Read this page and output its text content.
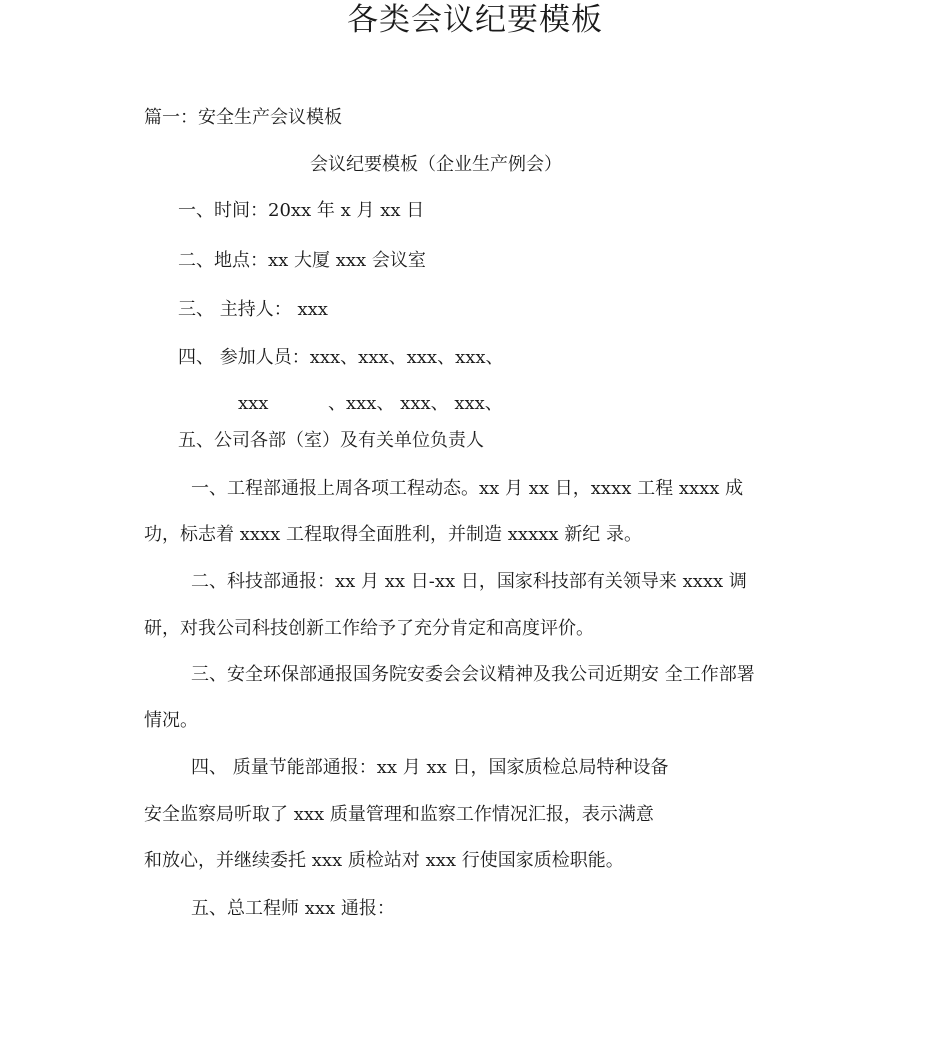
各类会议纪要模板
篇一：安全生产会议模板
会议纪要模板（企业生产例会）
一、时间：20xx 年 x 月 xx 日
二、地点：xx 大厦 xxx 会议室
三、 主持人： xxx
四、 参加人员：xxx、xxx、xxx、xxx、
xxx	、xxx、 xxx、 xxx、
五、公司各部（室）及有关单位负责人
一、工程部通报上周各项工程动态。xx 月 xx 日，xxxx 工程 xxxx 成
功，标志着 xxxx 工程取得全面胜利，并制造 xxxxx 新纪 录。
二、科技部通报：xx 月 xx 日-xx 日，国家科技部有关领导来 xxxx 调
研，对我公司科技创新工作给予了充分肯定和高度评价。
三、安全环保部通报国务院安委会会议精神及我公司近期安 全工作部署
情况。
四、 质量节能部通报：xx 月 xx 日，国家质检总局特种设备
安全监察局听取了 xxx 质量管理和监察工作情况汇报，表示满意
和放心，并继续委托 xxx 质检站对 xxx 行使国家质检职能。
五、总工程师 xxx 通报：
